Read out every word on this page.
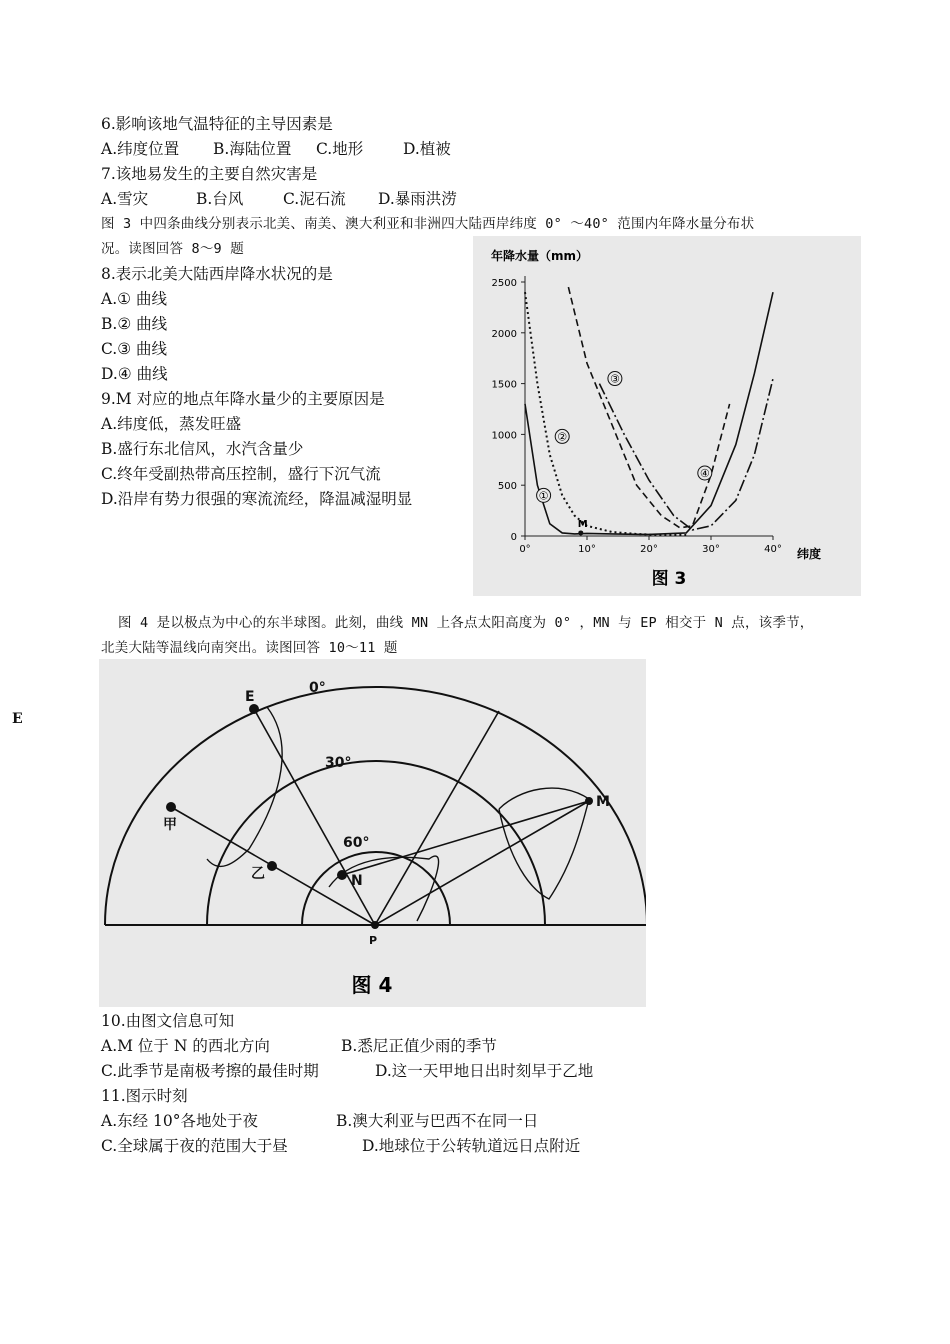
6.影响该地气温特征的主导因素是
A.纬度位置 B.海陆位置 C.地形	D.植被
7.该地易发生的主要自然灾害是
A.雪灾	B.台风	C.泥石流 D.暴雨洪涝
图 3 中四条曲线分别表示北美、南美、澳大利亚和非洲四大陆西岸纬度 0° ～40° 范围内年降水量分布状
况。读图回答 8～9 题
8.表示北美大陆西岸降水状况的是
A.① 曲线
B.② 曲线
C.③ 曲线
D.④ 曲线
9.M 对应的地点年降水量少的主要原因是
A.纬度低，蒸发旺盛
B.盛行东北信风，水汽含量少
C.终年受副热带高压控制，盛行下沉气流
D.沿岸有势力很强的寒流流经，降温减湿明显
年降水量（mm）
2500
2000
1500
1000
500
0
0°	10°	20°	30°	40°
①
②
③
④
M
纬度
图 3
图 4 是以极点为中心的东半球图。此刻，曲线 MN 上各点太阳高度为 0° ，MN 与 EP 相交于 N 点，该季节，
北美大陆等温线向南突出。读图回答 10～11 题
E
0°
30°
60°
E
甲
乙	N
P
M
图 4
10.由图文信息可知
A.M 位于 N 的西北方向	B.悉尼正值少雨的季节
C.此季节是南极考擦的最佳时期	D.这一天甲地日出时刻早于乙地
11.图示时刻
A.东经 10°各地处于夜	B.澳大利亚与巴西不在同一日
C.全球属于夜的范围大于昼	D.地球位于公转轨道远日点附近
